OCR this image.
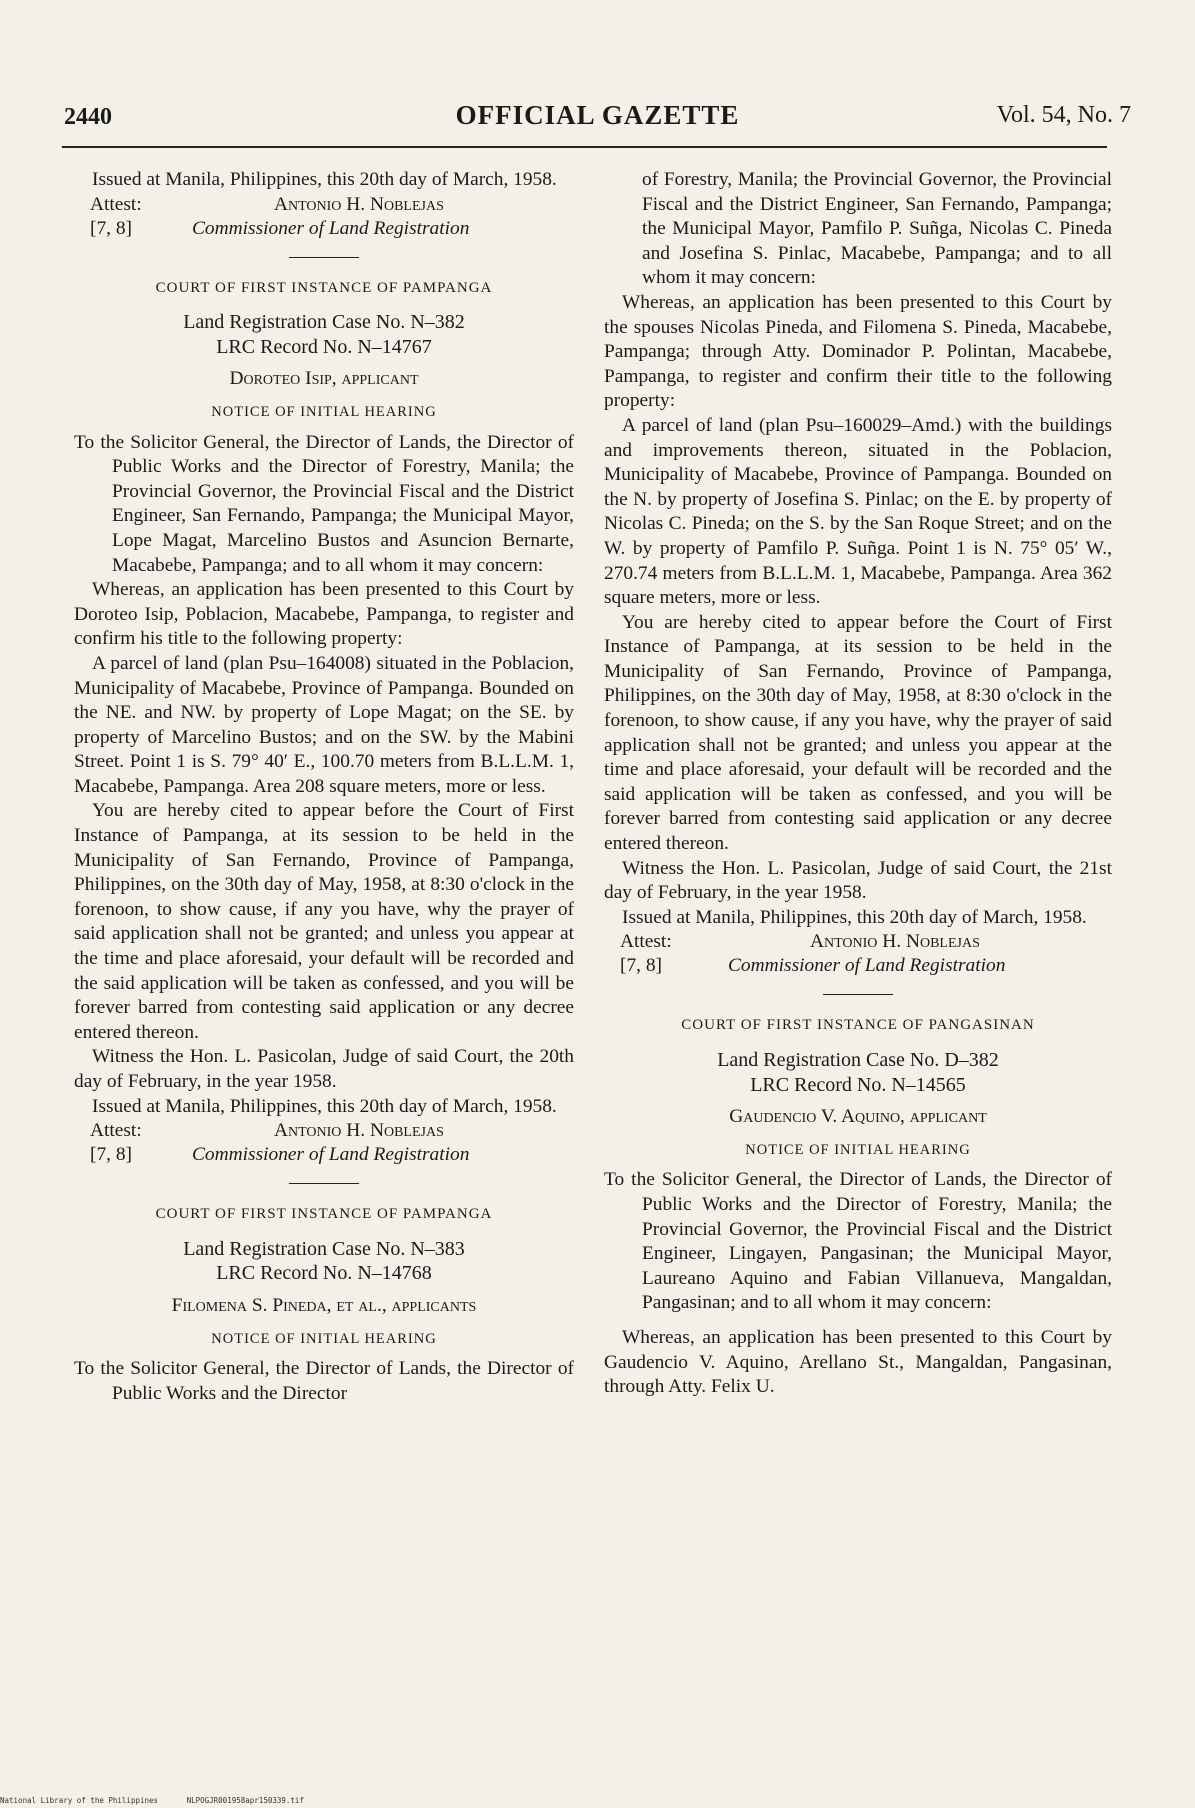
2440	OFFICIAL GAZETTE	Vol. 54, No. 7

Issued at Manila, Philippines, this 20th day of March, 1958.

Attest:	Antonio H. Noblejas
[7, 8]	Commissioner of Land Registration
COURT OF FIRST INSTANCE OF PAMPANGA
Land Registration Case No. N–382
LRC Record No. N–14767
Doroteo Isip, applicant
NOTICE OF INITIAL HEARING
To the Solicitor General, the Director of Lands, the Director of Public Works and the Director of Forestry, Manila; the Provincial Governor, the Provincial Fiscal and the District Engineer, San Fernando, Pampanga; the Municipal Mayor, Lope Magat, Marcelino Bustos and Asuncion Bernarte, Macabebe, Pampanga; and to all whom it may concern:

Whereas, an application has been presented to this Court by Doroteo Isip, Poblacion, Macabebe, Pampanga, to register and confirm his title to the following property:

A parcel of land (plan Psu–164008) situated in the Poblacion, Municipality of Macabebe, Province of Pampanga. Bounded on the NE. and NW. by property of Lope Magat; on the SE. by property of Marcelino Bustos; and on the SW. by the Mabini Street. Point 1 is S. 79° 40′ E., 100.70 meters from B.L.L.M. 1, Macabebe, Pampanga. Area 208 square meters, more or less.

You are hereby cited to appear before the Court of First Instance of Pampanga, at its session to be held in the Municipality of San Fernando, Province of Pampanga, Philippines, on the 30th day of May, 1958, at 8:30 o'clock in the forenoon, to show cause, if any you have, why the prayer of said application shall not be granted; and unless you appear at the time and place aforesaid, your default will be recorded and the said application will be taken as confessed, and you will be forever barred from contesting said application or any decree entered thereon.

Witness the Hon. L. Pasicolan, Judge of said Court, the 20th day of February, in the year 1958.

Issued at Manila, Philippines, this 20th day of March, 1958.

Attest:	Antonio H. Noblejas
[7, 8]	Commissioner of Land Registration
COURT OF FIRST INSTANCE OF PAMPANGA
Land Registration Case No. N–383
LRC Record No. N–14768
Filomena S. Pineda, et al., applicants
NOTICE OF INITIAL HEARING
To the Solicitor General, the Director of Lands, the Director of Public Works and the Director
of Forestry, Manila; the Provincial Governor, the Provincial Fiscal and the District Engineer, San Fernando, Pampanga; the Municipal Mayor, Pamfilo P. Suñga, Nicolas C. Pineda and Josefina S. Pinlac, Macabebe, Pampanga; and to all whom it may concern:

Whereas, an application has been presented to this Court by the spouses Nicolas Pineda, and Filomena S. Pineda, Macabebe, Pampanga; through Atty. Dominador P. Polintan, Macabebe, Pampanga, to register and confirm their title to the following property:

A parcel of land (plan Psu–160029–Amd.) with the buildings and improvements thereon, situated in the Poblacion, Municipality of Macabebe, Province of Pampanga. Bounded on the N. by property of Josefina S. Pinlac; on the E. by property of Nicolas C. Pineda; on the S. by the San Roque Street; and on the W. by property of Pamfilo P. Suñga. Point 1 is N. 75° 05′ W., 270.74 meters from B.L.L.M. 1, Macabebe, Pampanga. Area 362 square meters, more or less.

You are hereby cited to appear before the Court of First Instance of Pampanga, at its session to be held in the Municipality of San Fernando, Province of Pampanga, Philippines, on the 30th day of May, 1958, at 8:30 o'clock in the forenoon, to show cause, if any you have, why the prayer of said application shall not be granted; and unless you appear at the time and place aforesaid, your default will be recorded and the said application will be taken as confessed, and you will be forever barred from contesting said application or any decree entered thereon.

Witness the Hon. L. Pasicolan, Judge of said Court, the 21st day of February, in the year 1958.

Issued at Manila, Philippines, this 20th day of March, 1958.

Attest:	Antonio H. Noblejas
[7, 8]	Commissioner of Land Registration
COURT OF FIRST INSTANCE OF PANGASINAN
Land Registration Case No. D–382
LRC Record No. N–14565
Gaudencio V. Aquino, applicant
NOTICE OF INITIAL HEARING
To the Solicitor General, the Director of Lands, the Director of Public Works and the Director of Forestry, Manila; the Provincial Governor, the Provincial Fiscal and the District Engineer, Lingayen, Pangasinan; the Municipal Mayor, Laureano Aquino and Fabian Villanueva, Mangaldan, Pangasinan; and to all whom it may concern:

Whereas, an application has been presented to this Court by Gaudencio V. Aquino, Arellano St., Mangaldan, Pangasinan, through Atty. Felix U.

National Library of the Philippines	NLPOGJR001958apr150339.tif
